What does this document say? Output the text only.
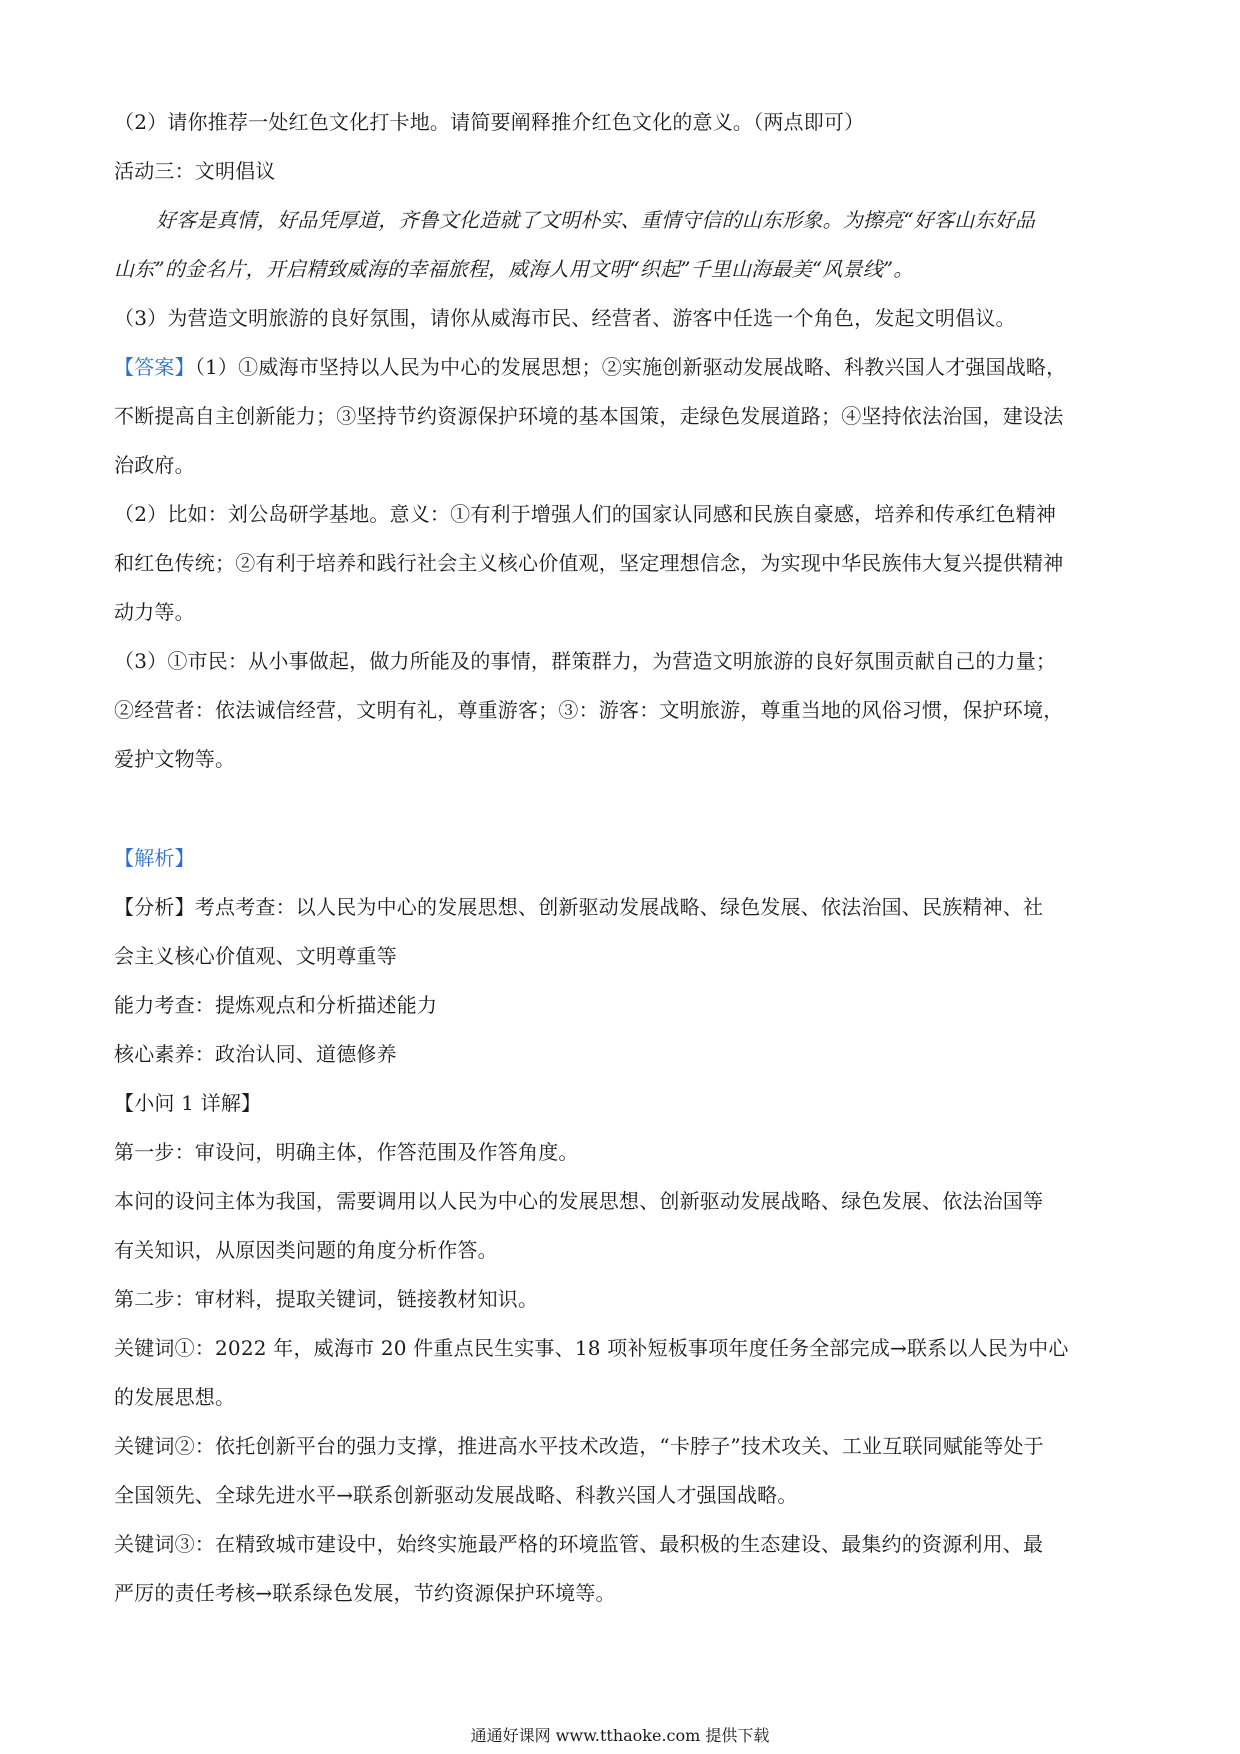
（2）请你推荐一处红色文化打卡地。请简要阐释推介红色文化的意义。（两点即可）
活动三：文明倡议
好客是真情，好品凭厚道，齐鲁文化造就了文明朴实、重情守信的山东形象。为擦亮“好客山东好品
山东”的金名片，开启精致威海的幸福旅程，威海人用文明“织起”千里山海最美“风景线”。
（3）为营造文明旅游的良好氛围，请你从威海市民、经营者、游客中任选一个角色，发起文明倡议。
【答案】（1）①威海市坚持以人民为中心的发展思想；②实施创新驱动发展战略、科教兴国人才强国战略，
不断提高自主创新能力；③坚持节约资源保护环境的基本国策，走绿色发展道路；④坚持依法治国，建设法
治政府。
（2）比如：刘公岛研学基地。意义：①有利于增强人们的国家认同感和民族自豪感，培养和传承红色精神
和红色传统；②有利于培养和践行社会主义核心价值观，坚定理想信念，为实现中华民族伟大复兴提供精神
动力等。
（3）①市民：从小事做起，做力所能及的事情，群策群力，为营造文明旅游的良好氛围贡献自己的力量；
②经营者：依法诚信经营，文明有礼，尊重游客；③：游客：文明旅游，尊重当地的风俗习惯，保护环境，
爱护文物等。
【解析】
【分析】考点考查：以人民为中心的发展思想、创新驱动发展战略、绿色发展、依法治国、民族精神、社
会主义核心价值观、文明尊重等
能力考查：提炼观点和分析描述能力
核心素养：政治认同、道德修养
【小问 1 详解】
第一步：审设问，明确主体，作答范围及作答角度。
本问的设问主体为我国，需要调用以人民为中心的发展思想、创新驱动发展战略、绿色发展、依法治国等
有关知识，从原因类问题的角度分析作答。
第二步：审材料，提取关键词，链接教材知识。
关键词①：2022 年，威海市 20 件重点民生实事、18 项补短板事项年度任务全部完成→联系以人民为中心
的发展思想。
关键词②：依托创新平台的强力支撑，推进高水平技术改造，“卡脖子”技术攻关、工业互联同赋能等处于
全国领先、全球先进水平→联系创新驱动发展战略、科教兴国人才强国战略。
关键词③：在精致城市建设中，始终实施最严格的环境监管、最积极的生态建设、最集约的资源利用、最
严厉的责任考核→联系绿色发展，节约资源保护环境等。
通通好课网 www.tthaoke.com 提供下载
